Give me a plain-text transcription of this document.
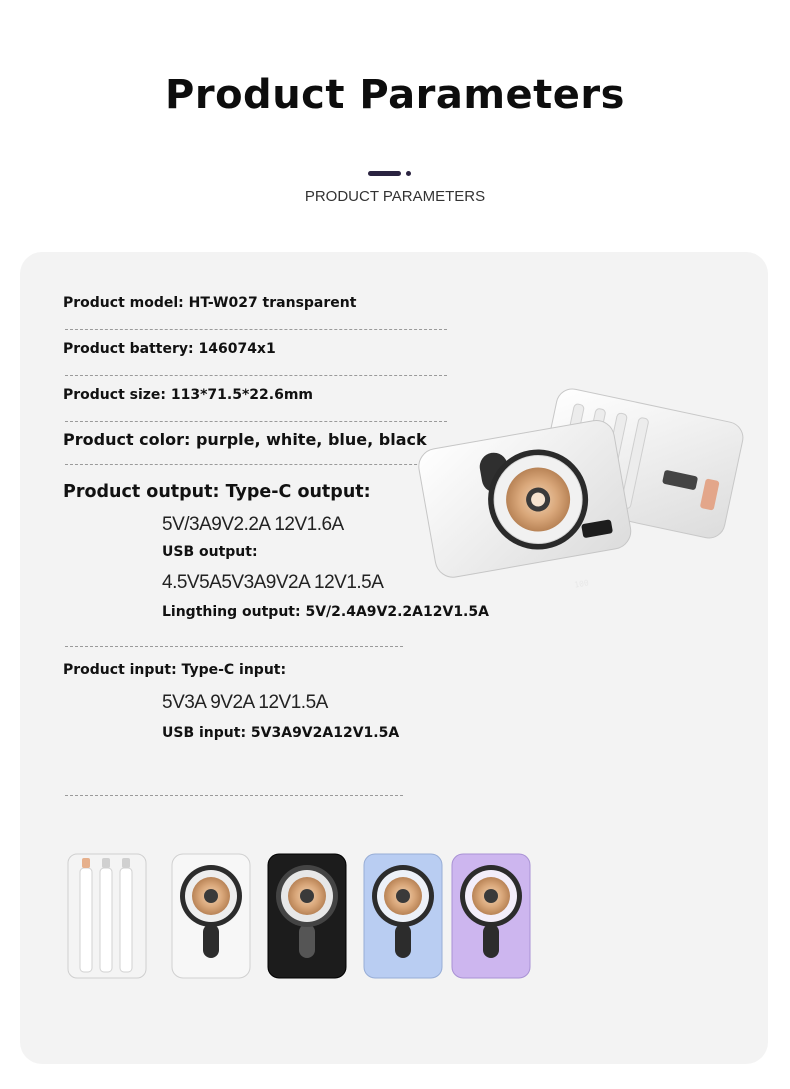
Product Parameters
PRODUCT PARAMETERS
Product model: HT-W027 transparent
Product battery: 146074x1
Product size: 113*71.5*22.6mm
Product color: purple, white, blue, black
Product output: Type-C output:
5V/3A9V2.2A 12V1.6A
USB output:
4.5V5A5V3A9V2A 12V1.5A
Lingthing output: 5V/2.4A9V2.2A12V1.5A
Product input: Type-C input:
5V3A 9V2A 12V1.5A
USB input: 5V3A9V2A12V1.5A
100
